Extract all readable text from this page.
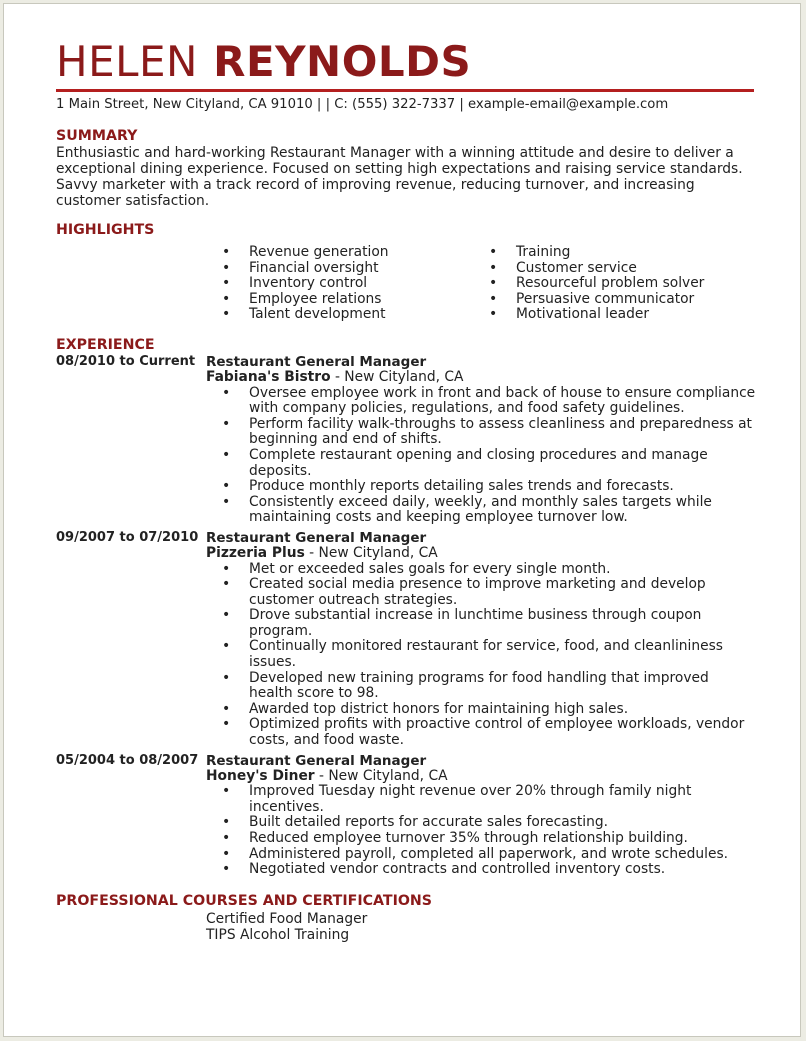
HELEN REYNOLDS
1 Main Street, New Cityland, CA 91010 | | C: (555) 322-7337 | example-email@example.com
SUMMARY

Enthusiastic and hard-working Restaurant Manager with a winning attitude and desire to deliver a exceptional dining experience. Focused on setting high expectations and raising service standards. Savvy marketer with a track record of improving revenue, reducing turnover, and increasing customer satisfaction.

HIGHLIGHTS
• Revenue generation
• Financial oversight
• Inventory control
• Employee relations
• Talent development
• Training
• Customer service
• Resourceful problem solver
• Persuasive communicator
• Motivational leader
EXPERIENCE
08/2010 to Current Restaurant General Manager
Fabiana's Bistro - New Cityland, CA
• Oversee employee work in front and back of house to ensure compliance with company policies, regulations, and food safety guidelines.
• Perform facility walk-throughs to assess cleanliness and preparedness at beginning and end of shifts.
• Complete restaurant opening and closing procedures and manage deposits.
• Produce monthly reports detailing sales trends and forecasts.
• Consistently exceed daily, weekly, and monthly sales targets while maintaining costs and keeping employee turnover low.
09/2007 to 07/2010 Restaurant General Manager
Pizzeria Plus - New Cityland, CA
• Met or exceeded sales goals for every single month.
• Created social media presence to improve marketing and develop customer outreach strategies.
• Drove substantial increase in lunchtime business through coupon program.
• Continually monitored restaurant for service, food, and cleanlininess issues.
• Developed new training programs for food handling that improved health score to 98.
• Awarded top district honors for maintaining high sales.
• Optimized profits with proactive control of employee workloads, vendor costs, and food waste.
05/2004 to 08/2007 Restaurant General Manager
Honey's Diner - New Cityland, CA
• Improved Tuesday night revenue over 20% through family night incentives.
• Built detailed reports for accurate sales forecasting.
• Reduced employee turnover 35% through relationship building.
• Administered payroll, completed all paperwork, and wrote schedules.
• Negotiated vendor contracts and controlled inventory costs.
PROFESSIONAL COURSES AND CERTIFICATIONS
Certified Food Manager
TIPS Alcohol Training
